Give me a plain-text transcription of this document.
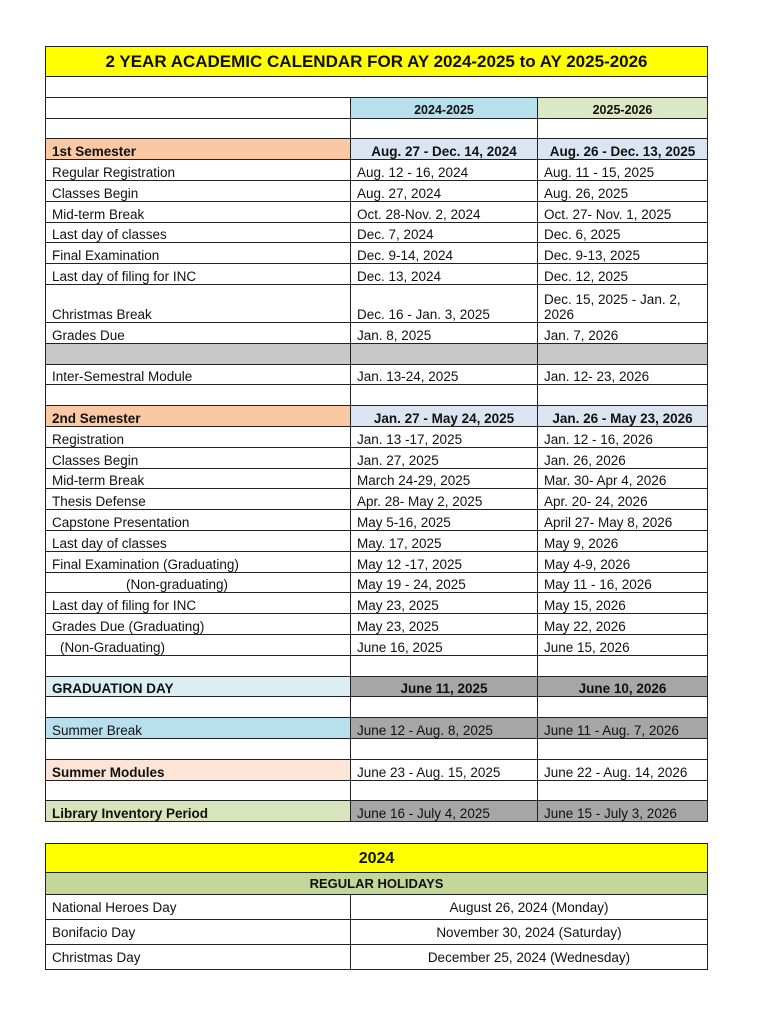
2 YEAR ACADEMIC CALENDAR FOR AY 2024-2025 to AY 2025-2026		

	2024-2025	2025-2026

1st Semester	Aug. 27 - Dec. 14, 2024	Aug. 26 - Dec. 13, 2025
Regular Registration	Aug. 12 - 16, 2024	Aug. 11 - 15, 2025
Classes Begin	Aug. 27, 2024	Aug. 26, 2025
Mid-term Break	Oct. 28-Nov. 2, 2024	Oct. 27- Nov. 1, 2025
Last day of classes	Dec. 7, 2024	Dec. 6, 2025
Final Examination	Dec. 9-14, 2024	Dec. 9-13, 2025
Last day of filing for INC	Dec. 13, 2024	Dec. 12, 2025
Christmas Break	Dec. 16 - Jan. 3, 2025	Dec. 15, 2025 - Jan. 2, 2026
Grades Due	Jan. 8, 2025	Jan. 7, 2026

Inter-Semestral Module	Jan. 13-24, 2025	Jan. 12- 23, 2026

2nd Semester	Jan. 27 - May 24, 2025	Jan. 26 - May 23, 2026
Registration	Jan. 13 -17, 2025	Jan. 12 - 16, 2026
Classes Begin	Jan. 27, 2025	Jan. 26, 2026
Mid-term Break	March 24-29, 2025	Mar. 30- Apr 4, 2026
Thesis Defense	Apr. 28- May 2, 2025	Apr. 20- 24, 2026
Capstone Presentation	May 5-16, 2025	April 27- May 8, 2026
Last day of classes	May. 17, 2025	May 9, 2026
Final Examination (Graduating)	May 12 -17, 2025	May 4-9, 2026
(Non-graduating)	May 19 - 24, 2025	May 11 - 16, 2026
Last day of filing for INC	May 23, 2025	May 15, 2026
Grades Due (Graduating)	May 23, 2025	May 22, 2026
(Non-Graduating)	June 16, 2025	June 15, 2026

GRADUATION DAY	June 11, 2025	June 10, 2026

Summer Break	June 12 - Aug. 8, 2025	June 11 - Aug. 7, 2026

Summer Modules	June 23 - Aug. 15, 2025	June 22 - Aug. 14, 2026

Library Inventory Period	June 16 - July 4, 2025	June 15 - July 3, 2026
2024	
REGULAR HOLIDAYS	
National Heroes Day	August 26, 2024 (Monday)
Bonifacio Day	November 30, 2024 (Saturday)
Christmas Day	December 25, 2024 (Wednesday)
